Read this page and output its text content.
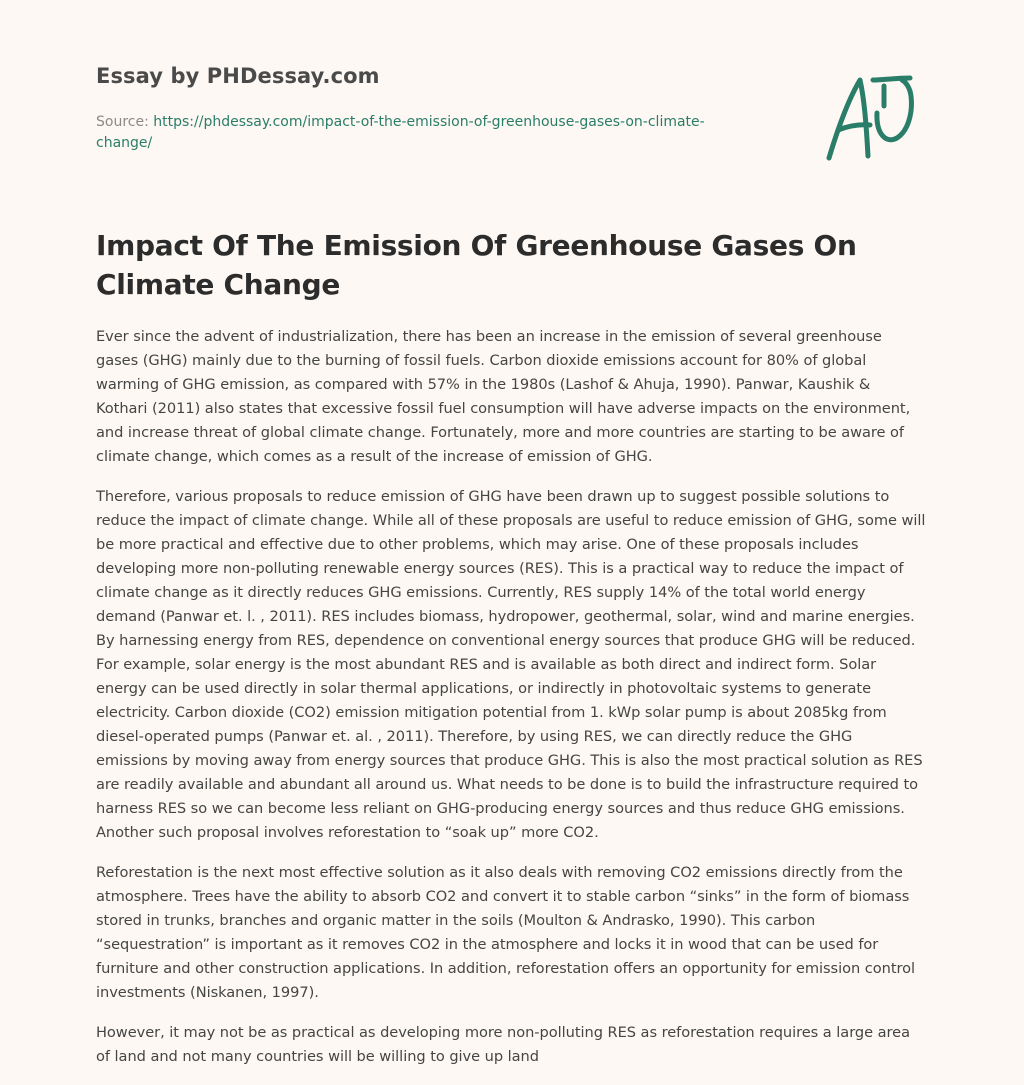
Essay by PHDessay.com
Source: https://phdessay.com/impact-of-the-emission-of-greenhouse-gases-on-climate-change/
Impact Of The Emission Of Greenhouse Gases On Climate Change

Ever since the advent of industrialization, there has been an increase in the emission of several greenhouse gases (GHG) mainly due to the burning of fossil fuels. Carbon dioxide emissions account for 80% of global warming of GHG emission, as compared with 57% in the 1980s (Lashof & Ahuja, 1990). Panwar, Kaushik & Kothari (2011) also states that excessive fossil fuel consumption will have adverse impacts on the environment, and increase threat of global climate change. Fortunately, more and more countries are starting to be aware of climate change, which comes as a result of the increase of emission of GHG.

Therefore, various proposals to reduce emission of GHG have been drawn up to suggest possible solutions to reduce the impact of climate change. While all of these proposals are useful to reduce emission of GHG, some will be more practical and effective due to other problems, which may arise. One of these proposals includes developing more non-polluting renewable energy sources (RES). This is a practical way to reduce the impact of climate change as it directly reduces GHG emissions. Currently, RES supply 14% of the total world energy demand (Panwar et. l. , 2011). RES includes biomass, hydropower, geothermal, solar, wind and marine energies. By harnessing energy from RES, dependence on conventional energy sources that produce GHG will be reduced. For example, solar energy is the most abundant RES and is available as both direct and indirect form. Solar energy can be used directly in solar thermal applications, or indirectly in photovoltaic systems to generate electricity. Carbon dioxide (CO2) emission mitigation potential from 1. kWp solar pump is about 2085kg from diesel-operated pumps (Panwar et. al. , 2011). Therefore, by using RES, we can directly reduce the GHG emissions by moving away from energy sources that produce GHG. This is also the most practical solution as RES are readily available and abundant all around us. What needs to be done is to build the infrastructure required to harness RES so we can become less reliant on GHG-producing energy sources and thus reduce GHG emissions. Another such proposal involves reforestation to “soak up” more CO2.

Reforestation is the next most effective solution as it also deals with removing CO2 emissions directly from the atmosphere. Trees have the ability to absorb CO2 and convert it to stable carbon “sinks” in the form of biomass stored in trunks, branches and organic matter in the soils (Moulton & Andrasko, 1990). This carbon “sequestration” is important as it removes CO2 in the atmosphere and locks it in wood that can be used for furniture and other construction applications. In addition, reforestation offers an opportunity for emission control investments (Niskanen, 1997).

However, it may not be as practical as developing more non-polluting RES as reforestation requires a large area of land and not many countries will be willing to give up land
